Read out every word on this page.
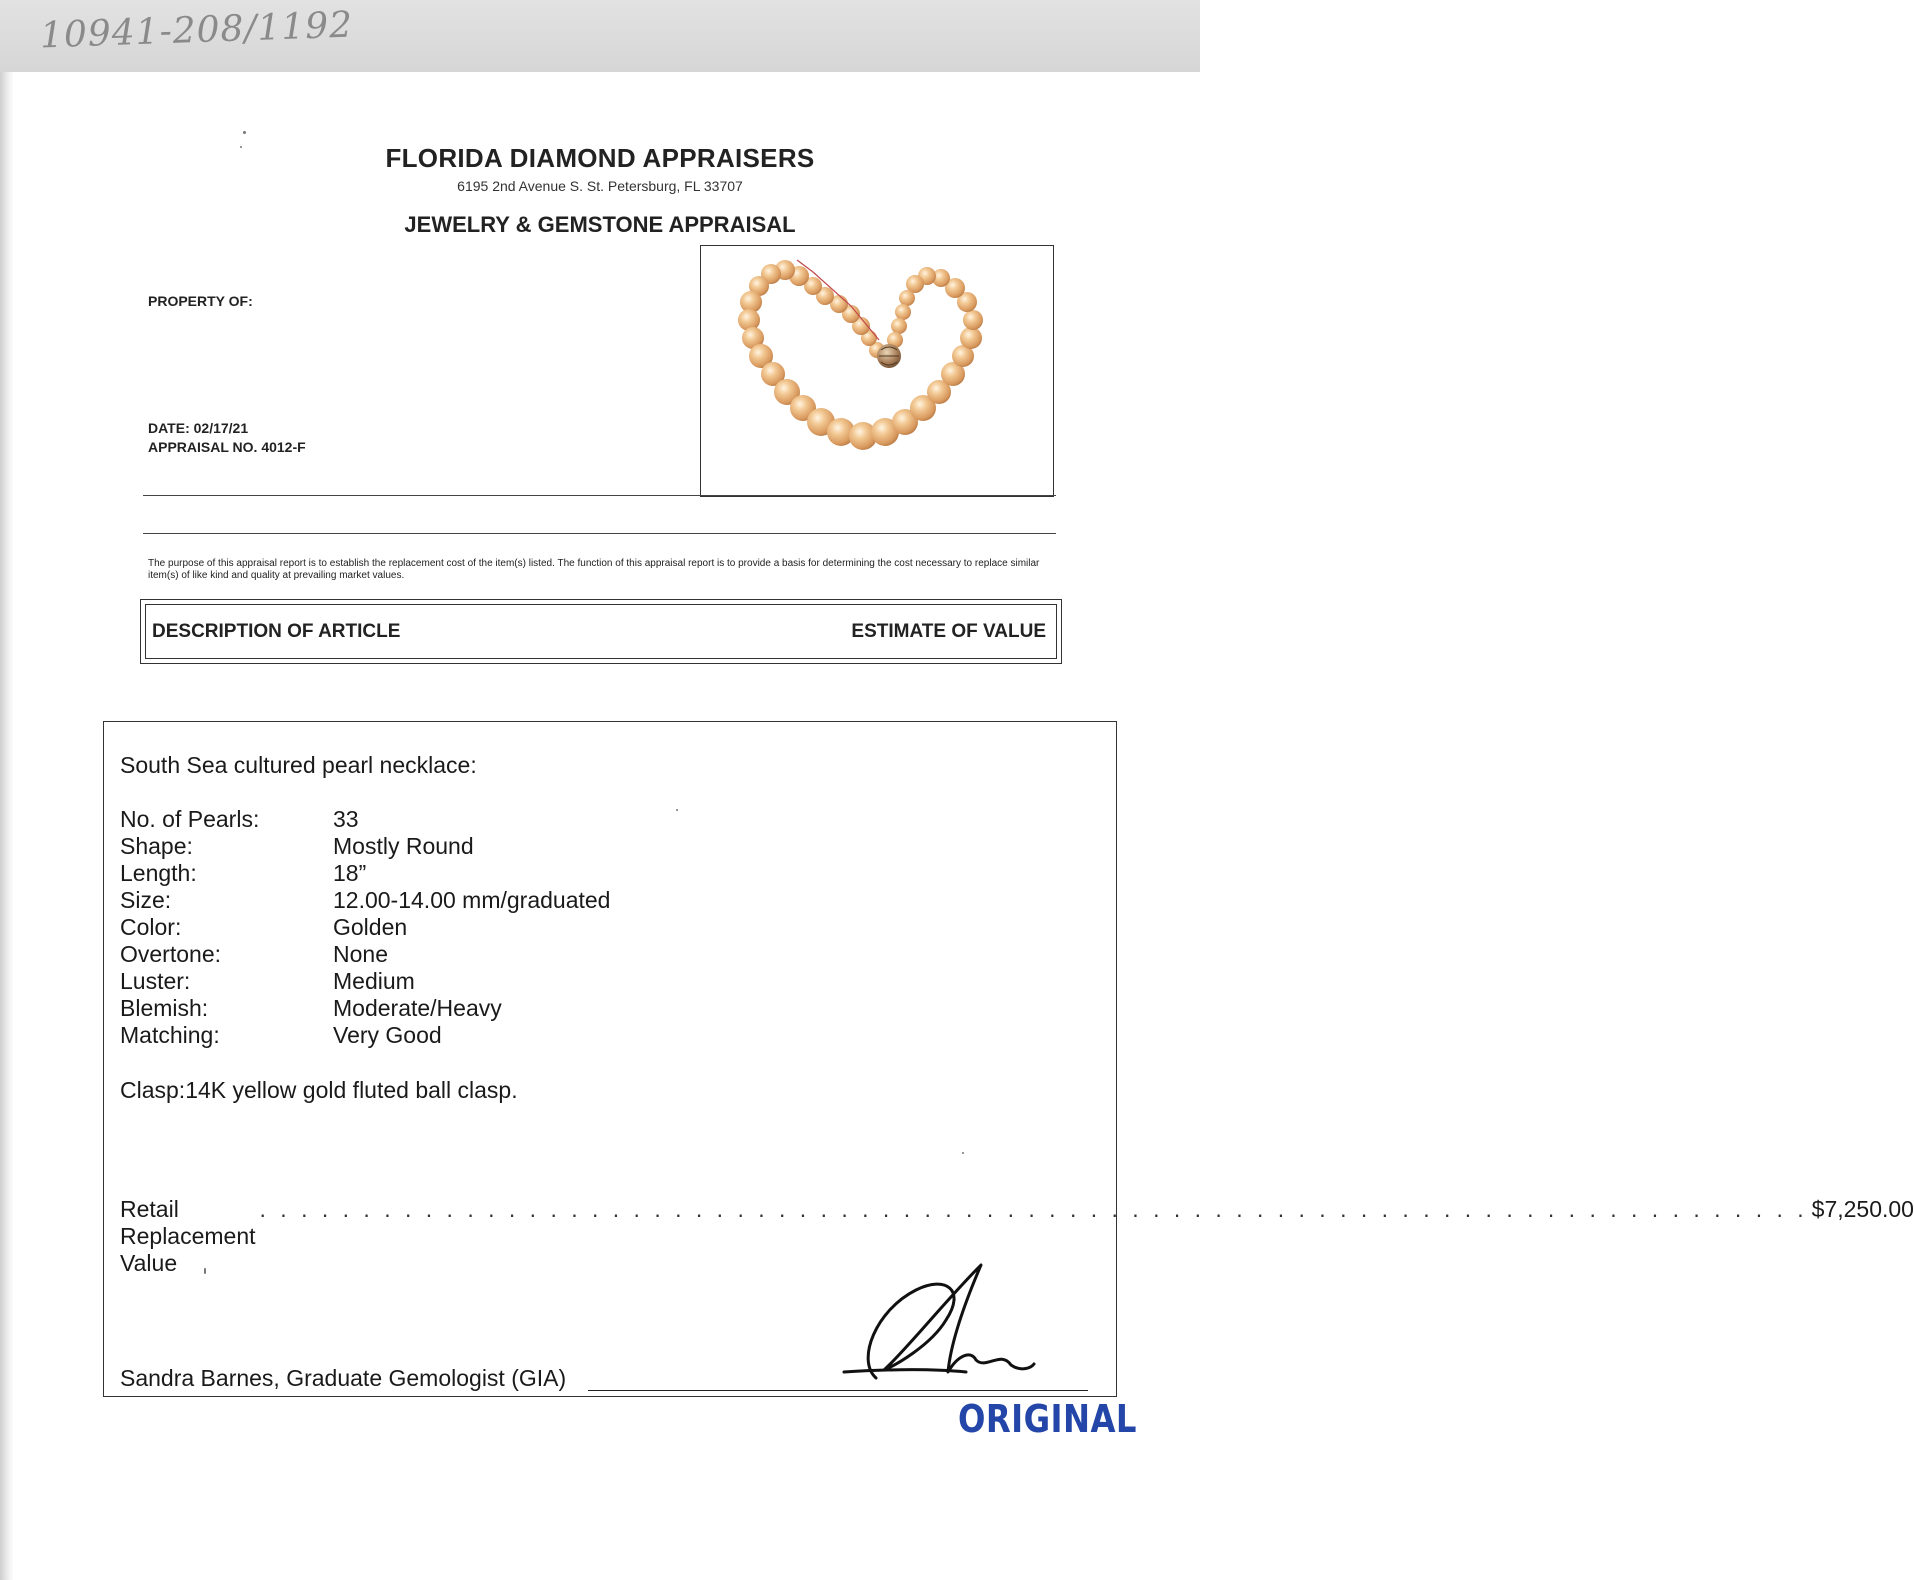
10941-208/1192
FLORIDA DIAMOND APPRAISERS
6195 2nd Avenue S. St. Petersburg, FL 33707
JEWELRY & GEMSTONE APPRAISAL
PROPERTY OF:
DATE: 02/17/21
APPRAISAL NO. 4012-F
The purpose of this appraisal report is to establish the replacement cost of the item(s) listed. The function of this appraisal report is to provide a basis for determining the cost necessary to replace similar item(s) of like kind and quality at prevailing market values.
DESCRIPTION OF ARTICLE	ESTIMATE OF VALUE
South Sea cultured pearl necklace:
No. of Pearls:	33
Shape:	Mostly Round
Length:	18”
Size:	12.00-14.00 mm/graduated
Color:	Golden
Overtone:	None
Luster:	Medium
Blemish:	Moderate/Heavy
Matching:	Very Good
Clasp:14K yellow gold fluted ball clasp.
Retail Replacement Value
. . . . . . . . . . . . . . . . . . . . . . . . . . . . . . . . . . . . . . . . . . . . . . . . . . . . . . . . . . . . . . . . . . . . . . . . . . . $7,250.00
Sandra Barnes, Graduate Gemologist (GIA)
ORIGINAL
